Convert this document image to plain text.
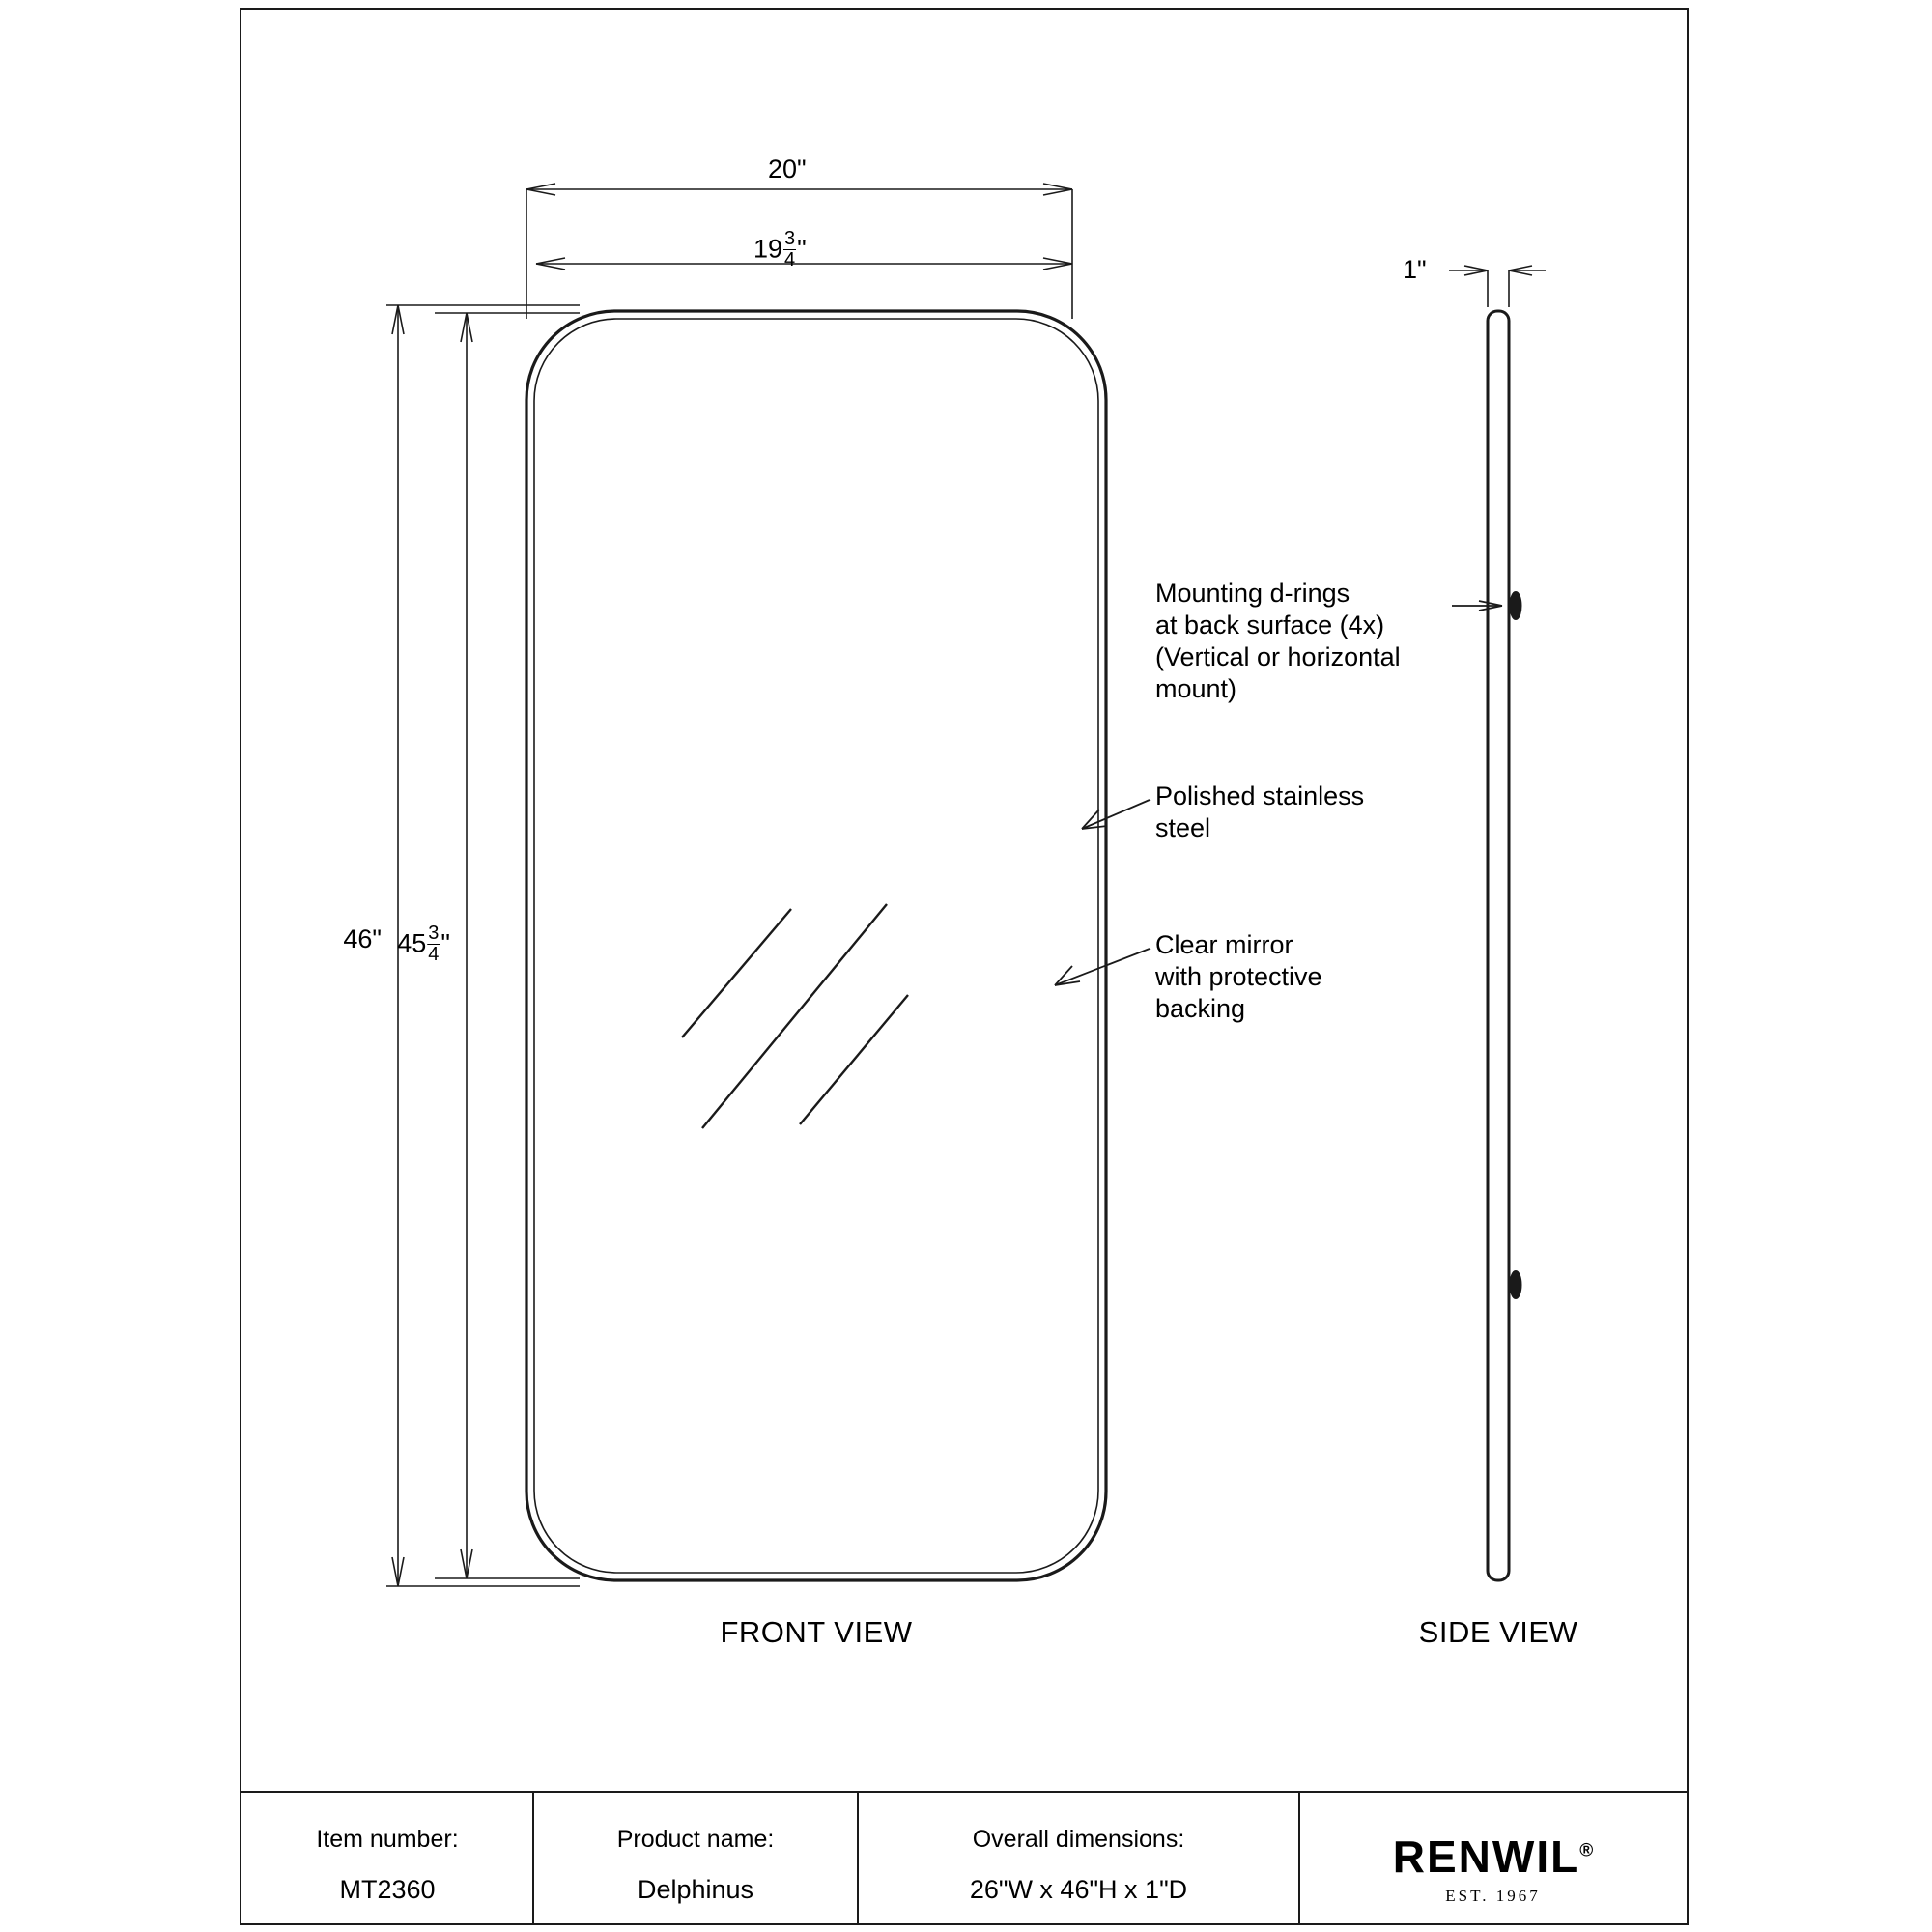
20"
$19 \frac{3}{4}$ "
46" $45 \frac{3}{4}$ "
1"
Mounting d-rings
at back surface (4x)
(Vertical or horizontal
mount)
Polished stainless
steel
Clear mirror
with protective
backing
FRONT VIEW	SIDE VIEW
Item number:
MT2360
Product name:
Delphinus
Overall dimensions:
26"W x 46"H x 1"D
RENWIL®
EST. 1967
